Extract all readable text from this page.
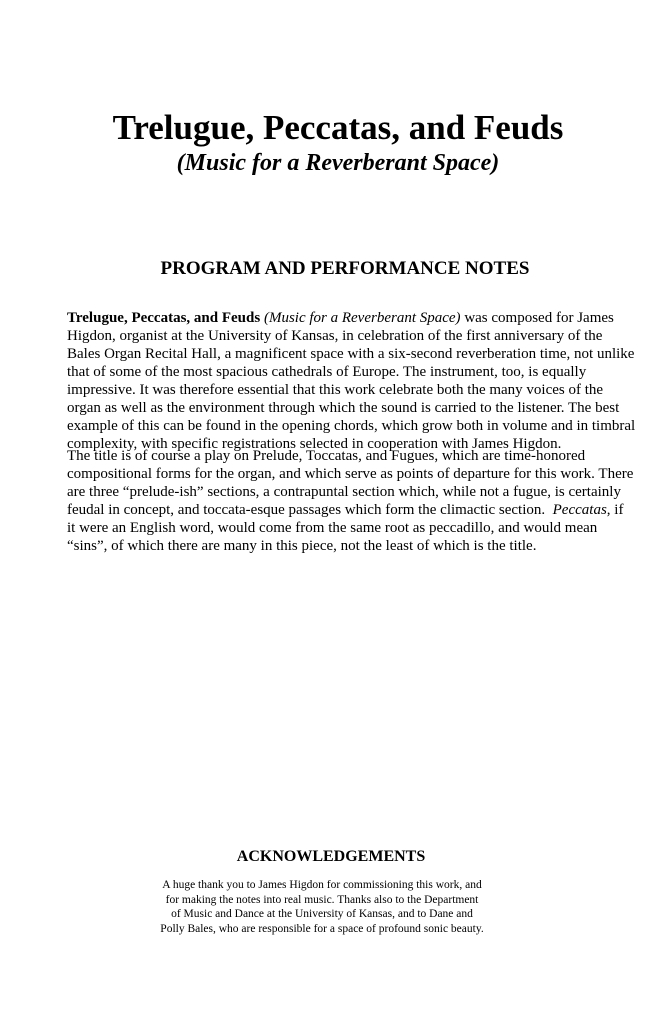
Trelugue, Peccatas, and Feuds
(Music for a Reverberant Space)
PROGRAM AND PERFORMANCE NOTES
Trelugue, Peccatas, and Feuds (Music for a Reverberant Space) was composed for James
Higdon, organist at the University of Kansas, in celebration of the first anniversary of the
Bales Organ Recital Hall, a magnificent space with a six-second reverberation time, not unlike
that of some of the most spacious cathedrals of Europe. The instrument, too, is equally
impressive. It was therefore essential that this work celebrate both the many voices of the
organ as well as the environment through which the sound is carried to the listener. The best
example of this can be found in the opening chords, which grow both in volume and in timbral
complexity, with specific registrations selected in cooperation with James Higdon.
The title is of course a play on Prelude, Toccatas, and Fugues, which are time-honored
compositional forms for the organ, and which serve as points of departure for this work. There
are three “prelude-ish” sections, a contrapuntal section which, while not a fugue, is certainly
feudal in concept, and toccata-esque passages which form the climactic section.  Peccatas, if
it were an English word, would come from the same root as peccadillo, and would mean
“sins”, of which there are many in this piece, not the least of which is the title.
ACKNOWLEDGEMENTS
A huge thank you to James Higdon for commissioning this work, and
for making the notes into real music. Thanks also to the Department
of Music and Dance at the University of Kansas, and to Dane and
Polly Bales, who are responsible for a space of profound sonic beauty.
